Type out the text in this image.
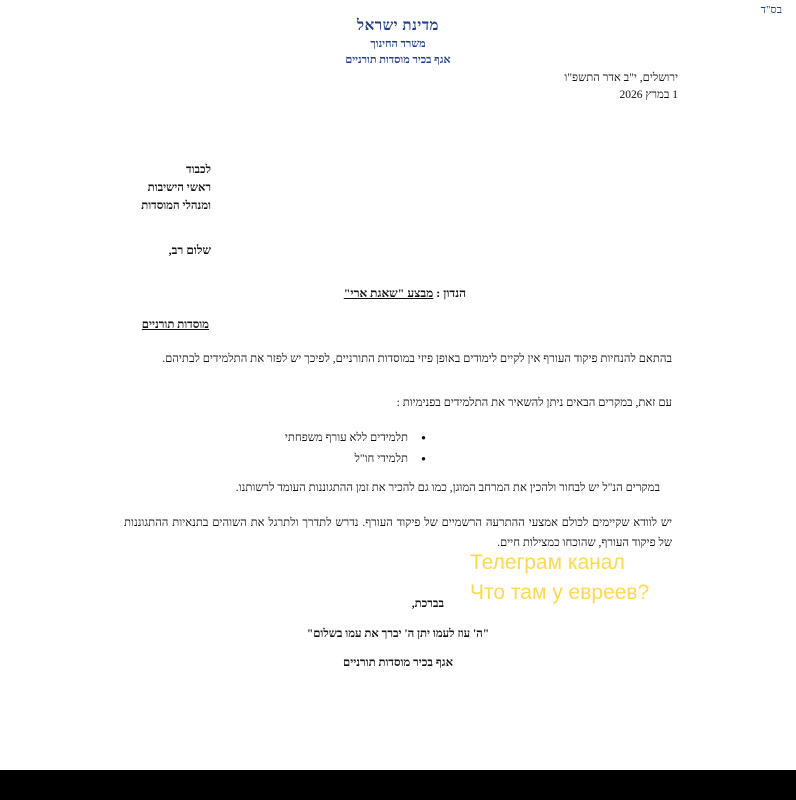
בס"ד
מדינת ישראל
משרד החינוך
אגף בכיר מוסדות תורניים
ירושלים, י"ב אדר התשפ"ו
1 במרץ 2026
לכבוד
ראשי הישיבות
ומנהלי המוסדות
שלום רב,
הנדון : מבצע "שאגת ארי"
מוסדות תורניים
בהתאם להנחיות פיקוד העורף אין לקיים לימודים באופן פיזי במוסדות התורניים, לפיכך יש לפזר את התלמידים לבתיהם.
עם זאת, במקרים הבאים ניתן להשאיר את התלמידים בפנימיות :
● תלמידים ללא עורף משפחתי
● תלמידי חו"ל
במקרים הנ"ל יש לבחור ולהכין את המרחב המוגן, כמו גם להכיר את זמן ההתגוננות העומד לרשותנו.
יש לוודא שקיימים לכולם אמצעי ההתרעה הרשמיים של פיקוד העורף. נדרש לתדרך ולתרגל את השוהים בתנאיות ההתגוננות של פיקוד העורף, שהוכחו כמצילות חיים.
בברכת,
"ה' עוז לעמו יתן ה' יברך את עמו בשלום"
אגף בכיר מוסדות תורניים
Телеграм канал
Что там у евреев?
